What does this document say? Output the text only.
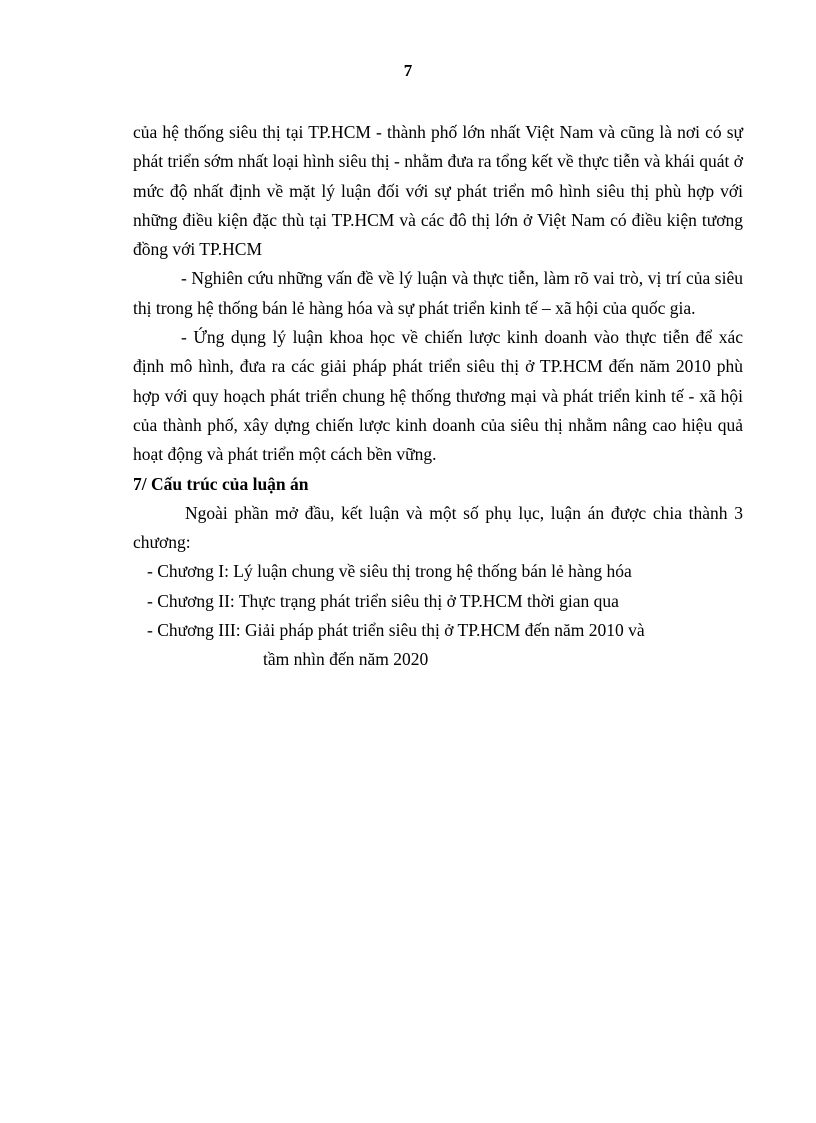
7

của hệ thống siêu thị tại TP.HCM - thành phố lớn nhất Việt Nam và cũng là nơi có sự phát triển sớm nhất loại hình siêu thị - nhằm đưa ra tổng kết về thực tiễn và khái quát ở mức độ nhất định về mặt lý luận đối với sự phát triển mô hình siêu thị phù hợp với những điều kiện đặc thù tại TP.HCM và các đô thị lớn ở Việt Nam có điều kiện tương đồng với TP.HCM

- Nghiên cứu những vấn đề về lý luận và thực tiễn, làm rõ vai trò, vị trí của siêu thị trong hệ thống bán lẻ hàng hóa và sự phát triển kinh tế – xã hội của quốc gia.

- Ứng dụng lý luận khoa học về chiến lược kinh doanh vào thực tiễn để xác định mô hình, đưa ra các giải pháp phát triển siêu thị ở TP.HCM đến năm 2010 phù hợp với quy hoạch phát triển chung hệ thống thương mại và phát triển kinh tế - xã hội của thành phố, xây dựng chiến lược kinh doanh của siêu thị nhằm nâng cao hiệu quả hoạt động và phát triển một cách bền vững.

7/ Cấu trúc của luận án

Ngoài phần mở đầu, kết luận và một số phụ lục, luận án được chia thành 3 chương:

- Chương I: Lý luận chung về siêu thị trong hệ thống bán lẻ hàng hóa

- Chương II: Thực trạng phát triển siêu thị ở TP.HCM thời gian qua

- Chương III: Giải pháp phát triển siêu thị ở TP.HCM đến năm 2010 và

tầm nhìn đến năm 2020
